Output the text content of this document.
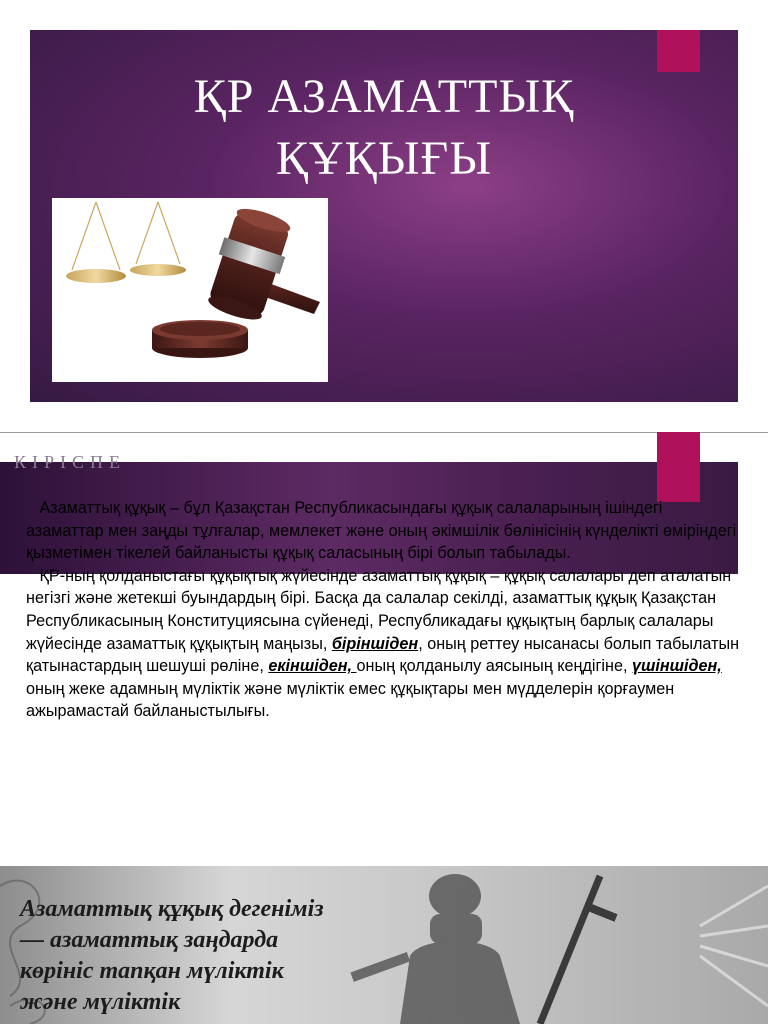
ҚР АЗАМАТТЫҚ
ҚҰҚЫҒЫ
КІРІСПЕ

Азаматтық құқық – бұл Қазақстан Республикасындағы құқық салаларының ішіндегі азаматтар мен заңды тұлғалар, мемлекет және оның әкімшілік бөлінісінің күнделікті өміріндегі қызметімен тікелей байланысты құқық саласының бірі болып табылады.

ҚР-ның қолданыстағы құқықтық жүйесінде азаматтық құқық – құқық салалары деп аталатын негізгі және жетекші буындардың бірі. Басқа да салалар секілді, азаматтық құқық Қазақстан Республикасының Конституциясына сүйенеді, Республикадағы құқықтың барлық салалары жүйесінде азаматтық құқықтың маңызы, біріншіден, оның реттеу нысанасы болып табылатын қатынастардың шешуші рөліне, екіншіден, оның қолданылу аясының кеңдігіне, үшіншіден, оның жеке адамның мүліктік және мүліктік емес құқықтары мен мүдделерін қорғаумен ажырамастай байланыстылығы.

Азаматтық құқық дегеніміз — азаматтық заңдарда көрініс тапқан мүліктік және мүліктік
